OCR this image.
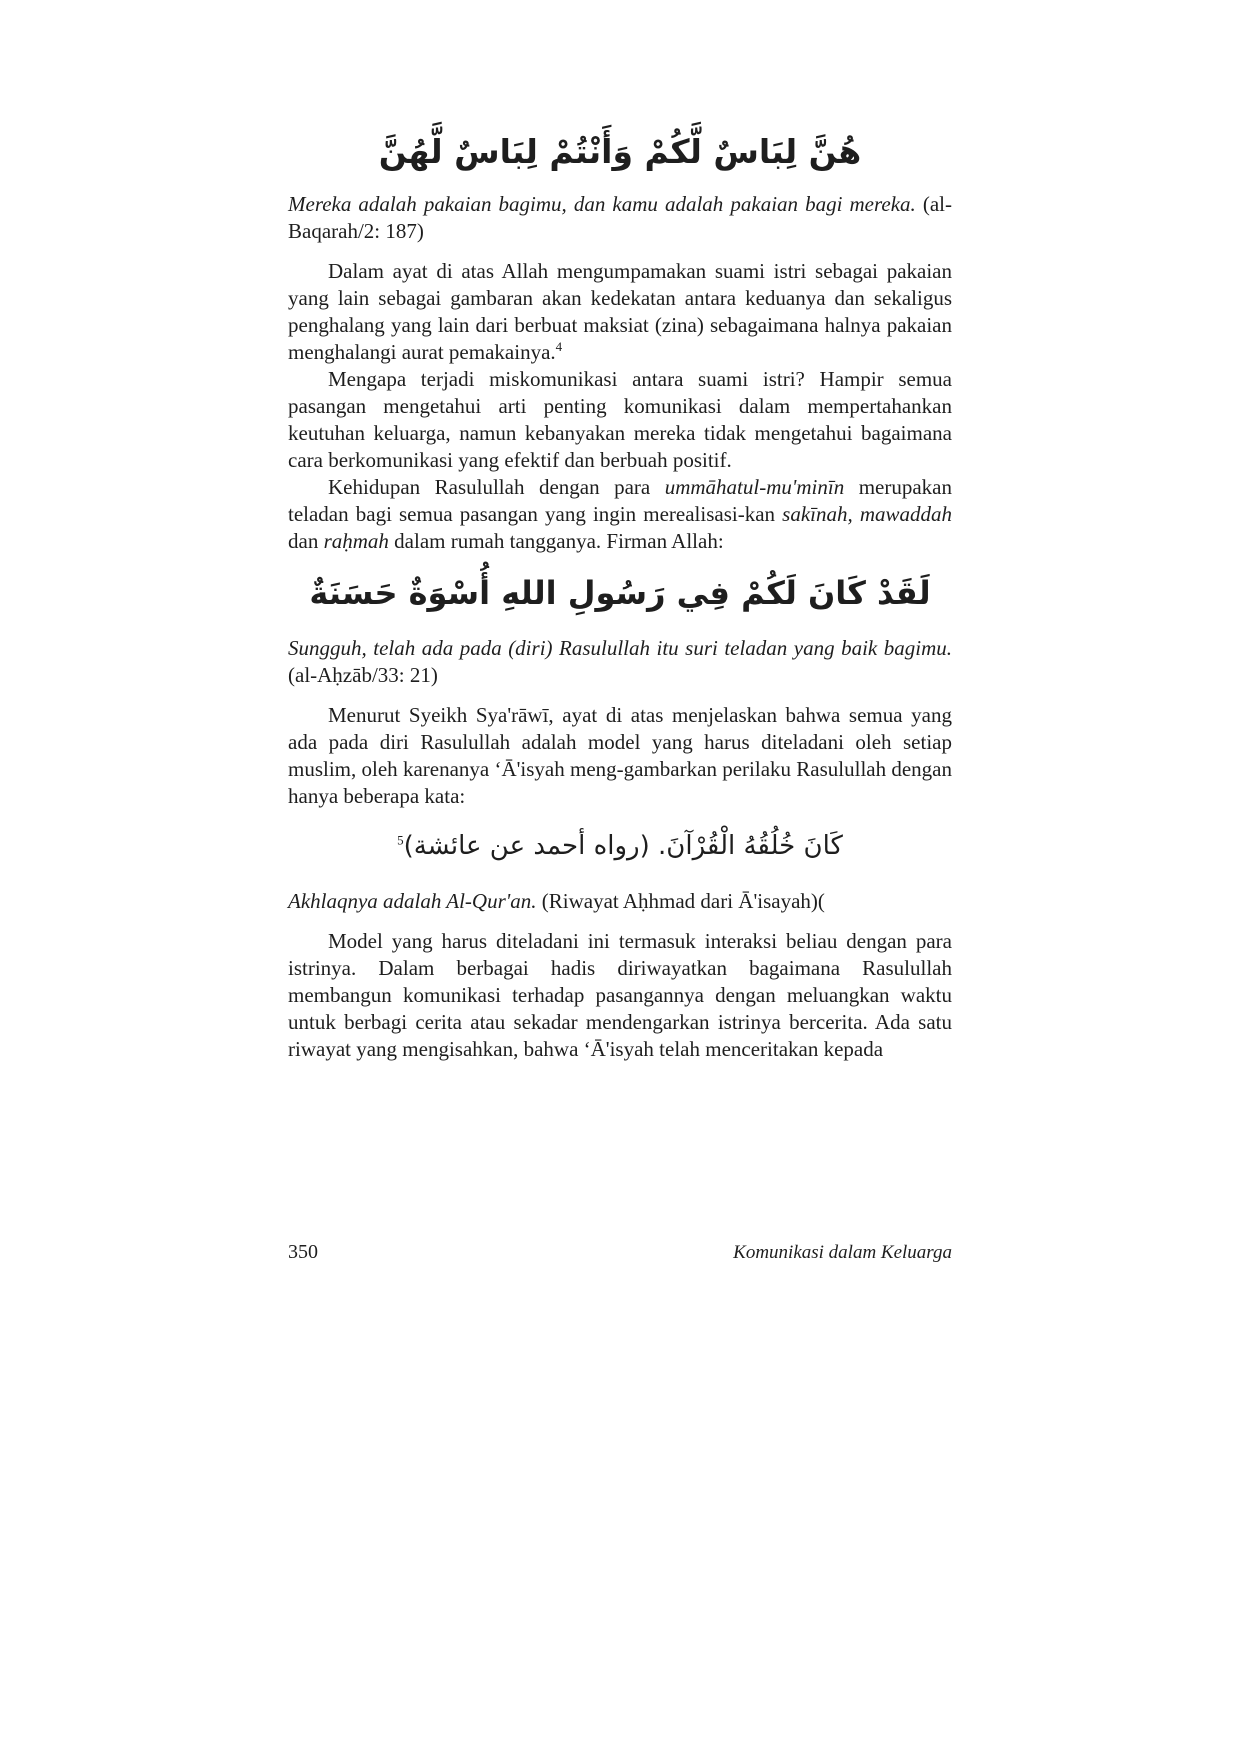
هُنَّ لِبَاسٌ لَّكُمْ وَأَنْتُمْ لِبَاسٌ لَّهُنَّ
Mereka adalah pakaian bagimu, dan kamu adalah pakaian bagi mereka. (al-Baqarah/2: 187)

Dalam ayat di atas Allah mengumpamakan suami istri sebagai pakaian yang lain sebagai gambaran akan kedekatan antara keduanya dan sekaligus penghalang yang lain dari berbuat maksiat (zina) sebagaimana halnya pakaian menghalangi aurat pemakainya.$^4$

Mengapa terjadi miskomunikasi antara suami istri? Hampir semua pasangan mengetahui arti penting komunikasi dalam mempertahankan keutuhan keluarga, namun kebanyakan mereka tidak mengetahui bagaimana cara berkomunikasi yang efektif dan berbuah positif.

Kehidupan Rasulullah dengan para ummāhatul-mu'minīn merupakan teladan bagi semua pasangan yang ingin merealisasi-kan sakīnah, mawaddah dan raḥmah dalam rumah tangganya. Firman Allah:

لَقَدْ كَانَ لَكُمْ فِي رَسُولِ اللهِ أُسْوَةٌ حَسَنَةٌ
Sungguh, telah ada pada (diri) Rasulullah itu suri teladan yang baik bagimu. (al-Aḥzāb/33: 21)

Menurut Syeikh Sya'rāwī, ayat di atas menjelaskan bahwa semua yang ada pada diri Rasulullah adalah model yang harus diteladani oleh setiap muslim, oleh karenanya ‘Ā'isyah meng-gambarkan perilaku Rasulullah dengan hanya beberapa kata:

$^5$كَانَ خُلُقُهُ الْقُرْآنَ. (رواه أحمد عن عائشة)
Akhlaqnya adalah Al-Qur'an. (Riwayat Aḥhmad dari Ā'isayah)(

Model yang harus diteladani ini termasuk interaksi beliau dengan para istrinya. Dalam berbagai hadis diriwayatkan bagaimana Rasulullah membangun komunikasi terhadap pasangannya dengan meluangkan waktu untuk berbagi cerita atau sekadar mendengarkan istrinya bercerita. Ada satu riwayat yang mengisahkan, bahwa ‘Ā'isyah telah menceritakan kepada

350	Komunikasi dalam Keluarga
